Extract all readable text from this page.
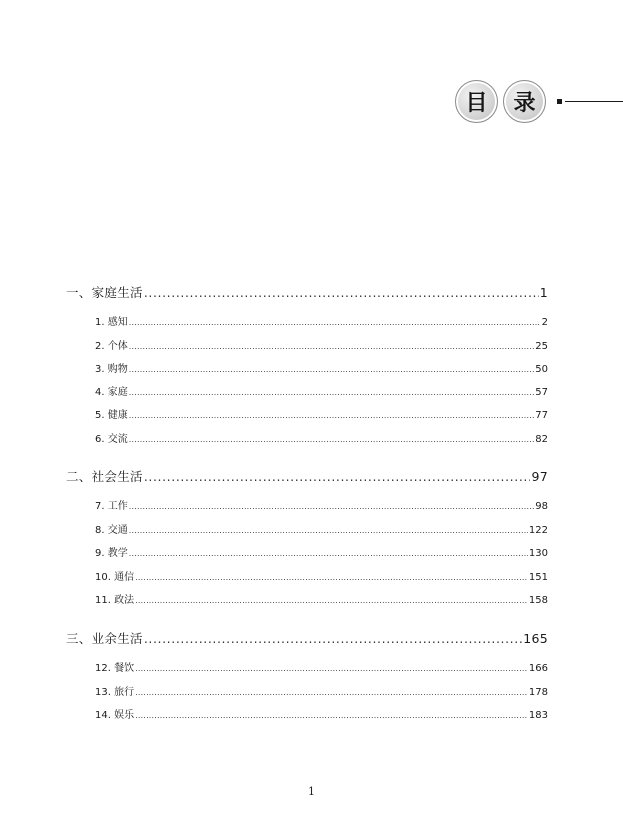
目	录
一、家庭生活 .....	1
1. 感知 .....	2
2. 个体 .....	25
3. 购物 .....	50
4. 家庭 .....	57
5. 健康 .....	77
6. 交流 .....	82
二、社会生活 .....	97
7. 工作 .....	98
8. 交通 .....	122
9. 教学 .....	130
10. 通信 .....	151
11. 政法 .....	158
三、业余生活 .....	165
12. 餐饮 .....	166
13. 旅行 .....	178
14. 娱乐 .....	183
1
